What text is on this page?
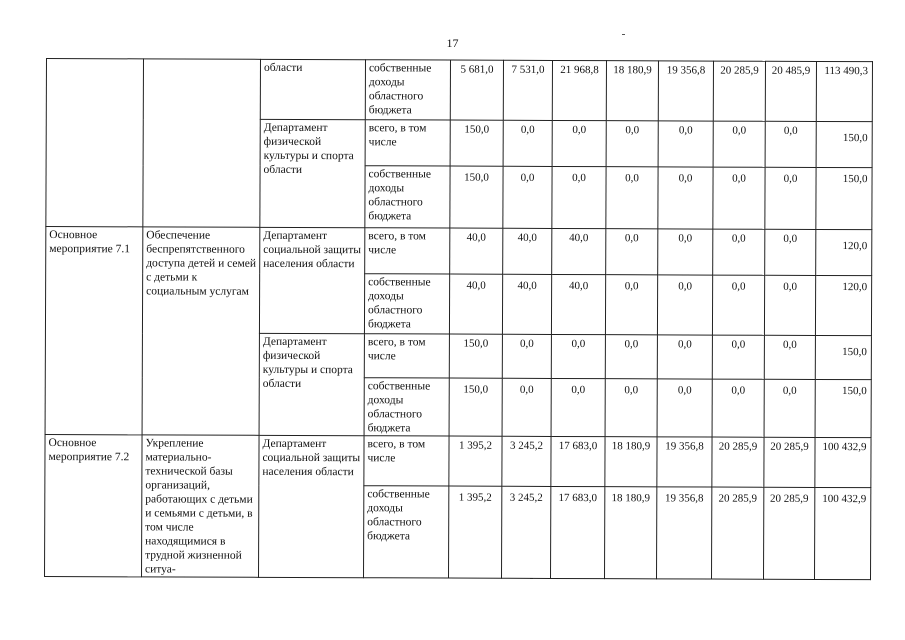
17
		области	собственные доходы областного бюджета	5 681,0	7 531,0	21 968,8	18 180,9	19 356,8	20 285,9	20 485,9	113 490,3
		Департамент физической культуры и спорта области	всего, в том числе	150,0	0,0	0,0	0,0	0,0	0,0	0,0	150,0
			собственные доходы областного бюджета	150,0	0,0	0,0	0,0	0,0	0,0	0,0	150,0
Основное мероприятие 7.1	Обеспечение беспрепятственного доступа детей и семей с детьми к социальным услугам	Департамент социальной защиты населения области	всего, в том числе	40,0	40,0	40,0	0,0	0,0	0,0	0,0	120,0
			собственные доходы областного бюджета	40,0	40,0	40,0	0,0	0,0	0,0	0,0	120,0
		Департамент физической культуры и спорта области	всего, в том числе	150,0	0,0	0,0	0,0	0,0	0,0	0,0	150,0
			собственные доходы областного бюджета	150,0	0,0	0,0	0,0	0,0	0,0	0,0	150,0
Основное мероприятие 7.2	Укрепление материально-технической базы организаций, работающих с детьми и семьями с детьми, в том числе находящимися в трудной жизненной ситуа-	Департамент социальной защиты населения области	всего, в том числе	1 395,2	3 245,2	17 683,0	18 180,9	19 356,8	20 285,9	20 285,9	100 432,9
			собственные доходы областного бюджета	1 395,2	3 245,2	17 683,0	18 180,9	19 356,8	20 285,9	20 285,9	100 432,9
